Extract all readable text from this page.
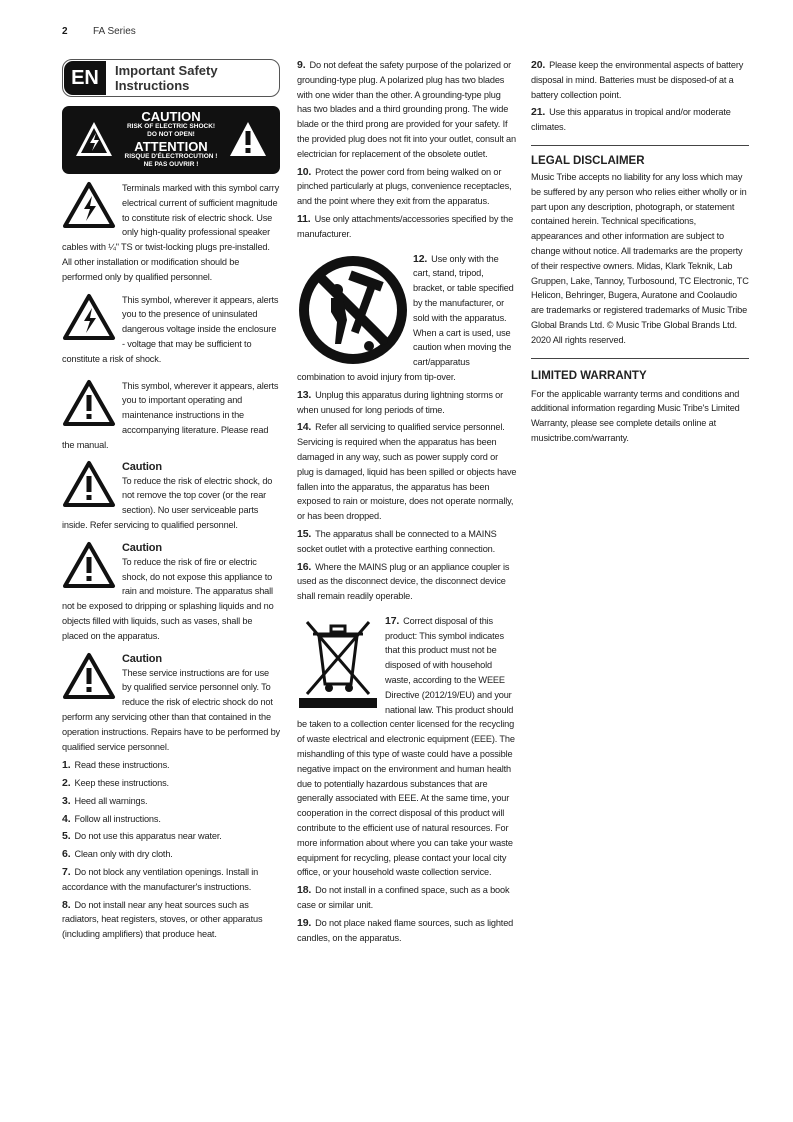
2	FA Series
EN	Important Safety
Instructions
CAUTION
RISK OF ELECTRIC SHOCK!
DO NOT OPEN!
ATTENTION
RISQUE D'ÉLECTROCUTION !
NE PAS OUVRIR !
Terminals marked with this symbol carry electrical current of sufficient magnitude to constitute risk of electric shock. Use only high-quality professional speaker cables with ¼" TS or twist-locking plugs pre-installed. All other installation or modification should be performed only by qualified personnel.
This symbol, wherever it appears, alerts you to the presence of uninsulated dangerous voltage inside the enclosure - voltage that may be sufficient to constitute a risk of shock.
This symbol, wherever it appears, alerts you to important operating and maintenance instructions in the accompanying literature. Please read the manual.
Caution
To reduce the risk of electric shock, do not remove the top cover (or the rear section). No user serviceable parts inside. Refer servicing to qualified personnel.
Caution
To reduce the risk of fire or electric shock, do not expose this appliance to rain and moisture. The apparatus shall not be exposed to dripping or splashing liquids and no objects filled with liquids, such as vases, shall be placed on the apparatus.
Caution
These service instructions are for use by qualified service personnel only. To reduce the risk of electric shock do not perform any servicing other than that contained in the operation instructions. Repairs have to be performed by qualified service personnel.
1. Read these instructions.
2. Keep these instructions.
3. Heed all warnings.
4. Follow all instructions.
5. Do not use this apparatus near water.
6. Clean only with dry cloth.
7. Do not block any ventilation openings. Install in accordance with the manufacturer's instructions.
8. Do not install near any heat sources such as radiators, heat registers, stoves, or other apparatus (including amplifiers) that produce heat.
9. Do not defeat the safety purpose of the polarized or grounding-type plug. A polarized plug has two blades with one wider than the other. A grounding-type plug has two blades and a third grounding prong. The wide blade or the third prong are provided for your safety. If the provided plug does not fit into your outlet, consult an electrician for replacement of the obsolete outlet.
10. Protect the power cord from being walked on or pinched particularly at plugs, convenience receptacles, and the point where they exit from the apparatus.
11. Use only attachments/accessories specified by the manufacturer.
12. Use only with the cart, stand, tripod, bracket, or table specified by the manufacturer, or sold with the apparatus. When a cart is used, use caution when moving the cart/apparatus combination to avoid injury from tip-over.
13. Unplug this apparatus during lightning storms or when unused for long periods of time.
14. Refer all servicing to qualified service personnel. Servicing is required when the apparatus has been damaged in any way, such as power supply cord or plug is damaged, liquid has been spilled or objects have fallen into the apparatus, the apparatus has been exposed to rain or moisture, does not operate normally, or has been dropped.
15. The apparatus shall be connected to a MAINS socket outlet with a protective earthing connection.
16. Where the MAINS plug or an appliance coupler is used as the disconnect device, the disconnect device shall remain readily operable.
17. Correct disposal of this product: This symbol indicates that this product must not be disposed of with household waste, according to the WEEE Directive (2012/19/EU) and your national law. This product should be taken to a collection center licensed for the recycling of waste electrical and electronic equipment (EEE). The mishandling of this type of waste could have a possible negative impact on the environment and human health due to potentially hazardous substances that are generally associated with EEE. At the same time, your cooperation in the correct disposal of this product will contribute to the efficient use of natural resources. For more information about where you can take your waste equipment for recycling, please contact your local city office, or your household waste collection service.
18. Do not install in a confined space, such as a book case or similar unit.
19. Do not place naked flame sources, such as lighted candles, on the apparatus.
20. Please keep the environmental aspects of battery disposal in mind. Batteries must be disposed-of at a battery collection point.
21. Use this apparatus in tropical and/or moderate climates.
LEGAL DISCLAIMER
Music Tribe accepts no liability for any loss which may be suffered by any person who relies either wholly or in part upon any description, photograph, or statement contained herein. Technical specifications, appearances and other information are subject to change without notice. All trademarks are the property of their respective owners. Midas, Klark Teknik, Lab Gruppen, Lake, Tannoy, Turbosound, TC Electronic, TC Helicon, Behringer, Bugera, Auratone and Coolaudio are trademarks or registered trademarks of Music Tribe Global Brands Ltd. © Music Tribe Global Brands Ltd. 2020 All rights reserved.
LIMITED WARRANTY
For the applicable warranty terms and conditions and additional information regarding Music Tribe's Limited Warranty, please see complete details online at musictribe.com/warranty.
